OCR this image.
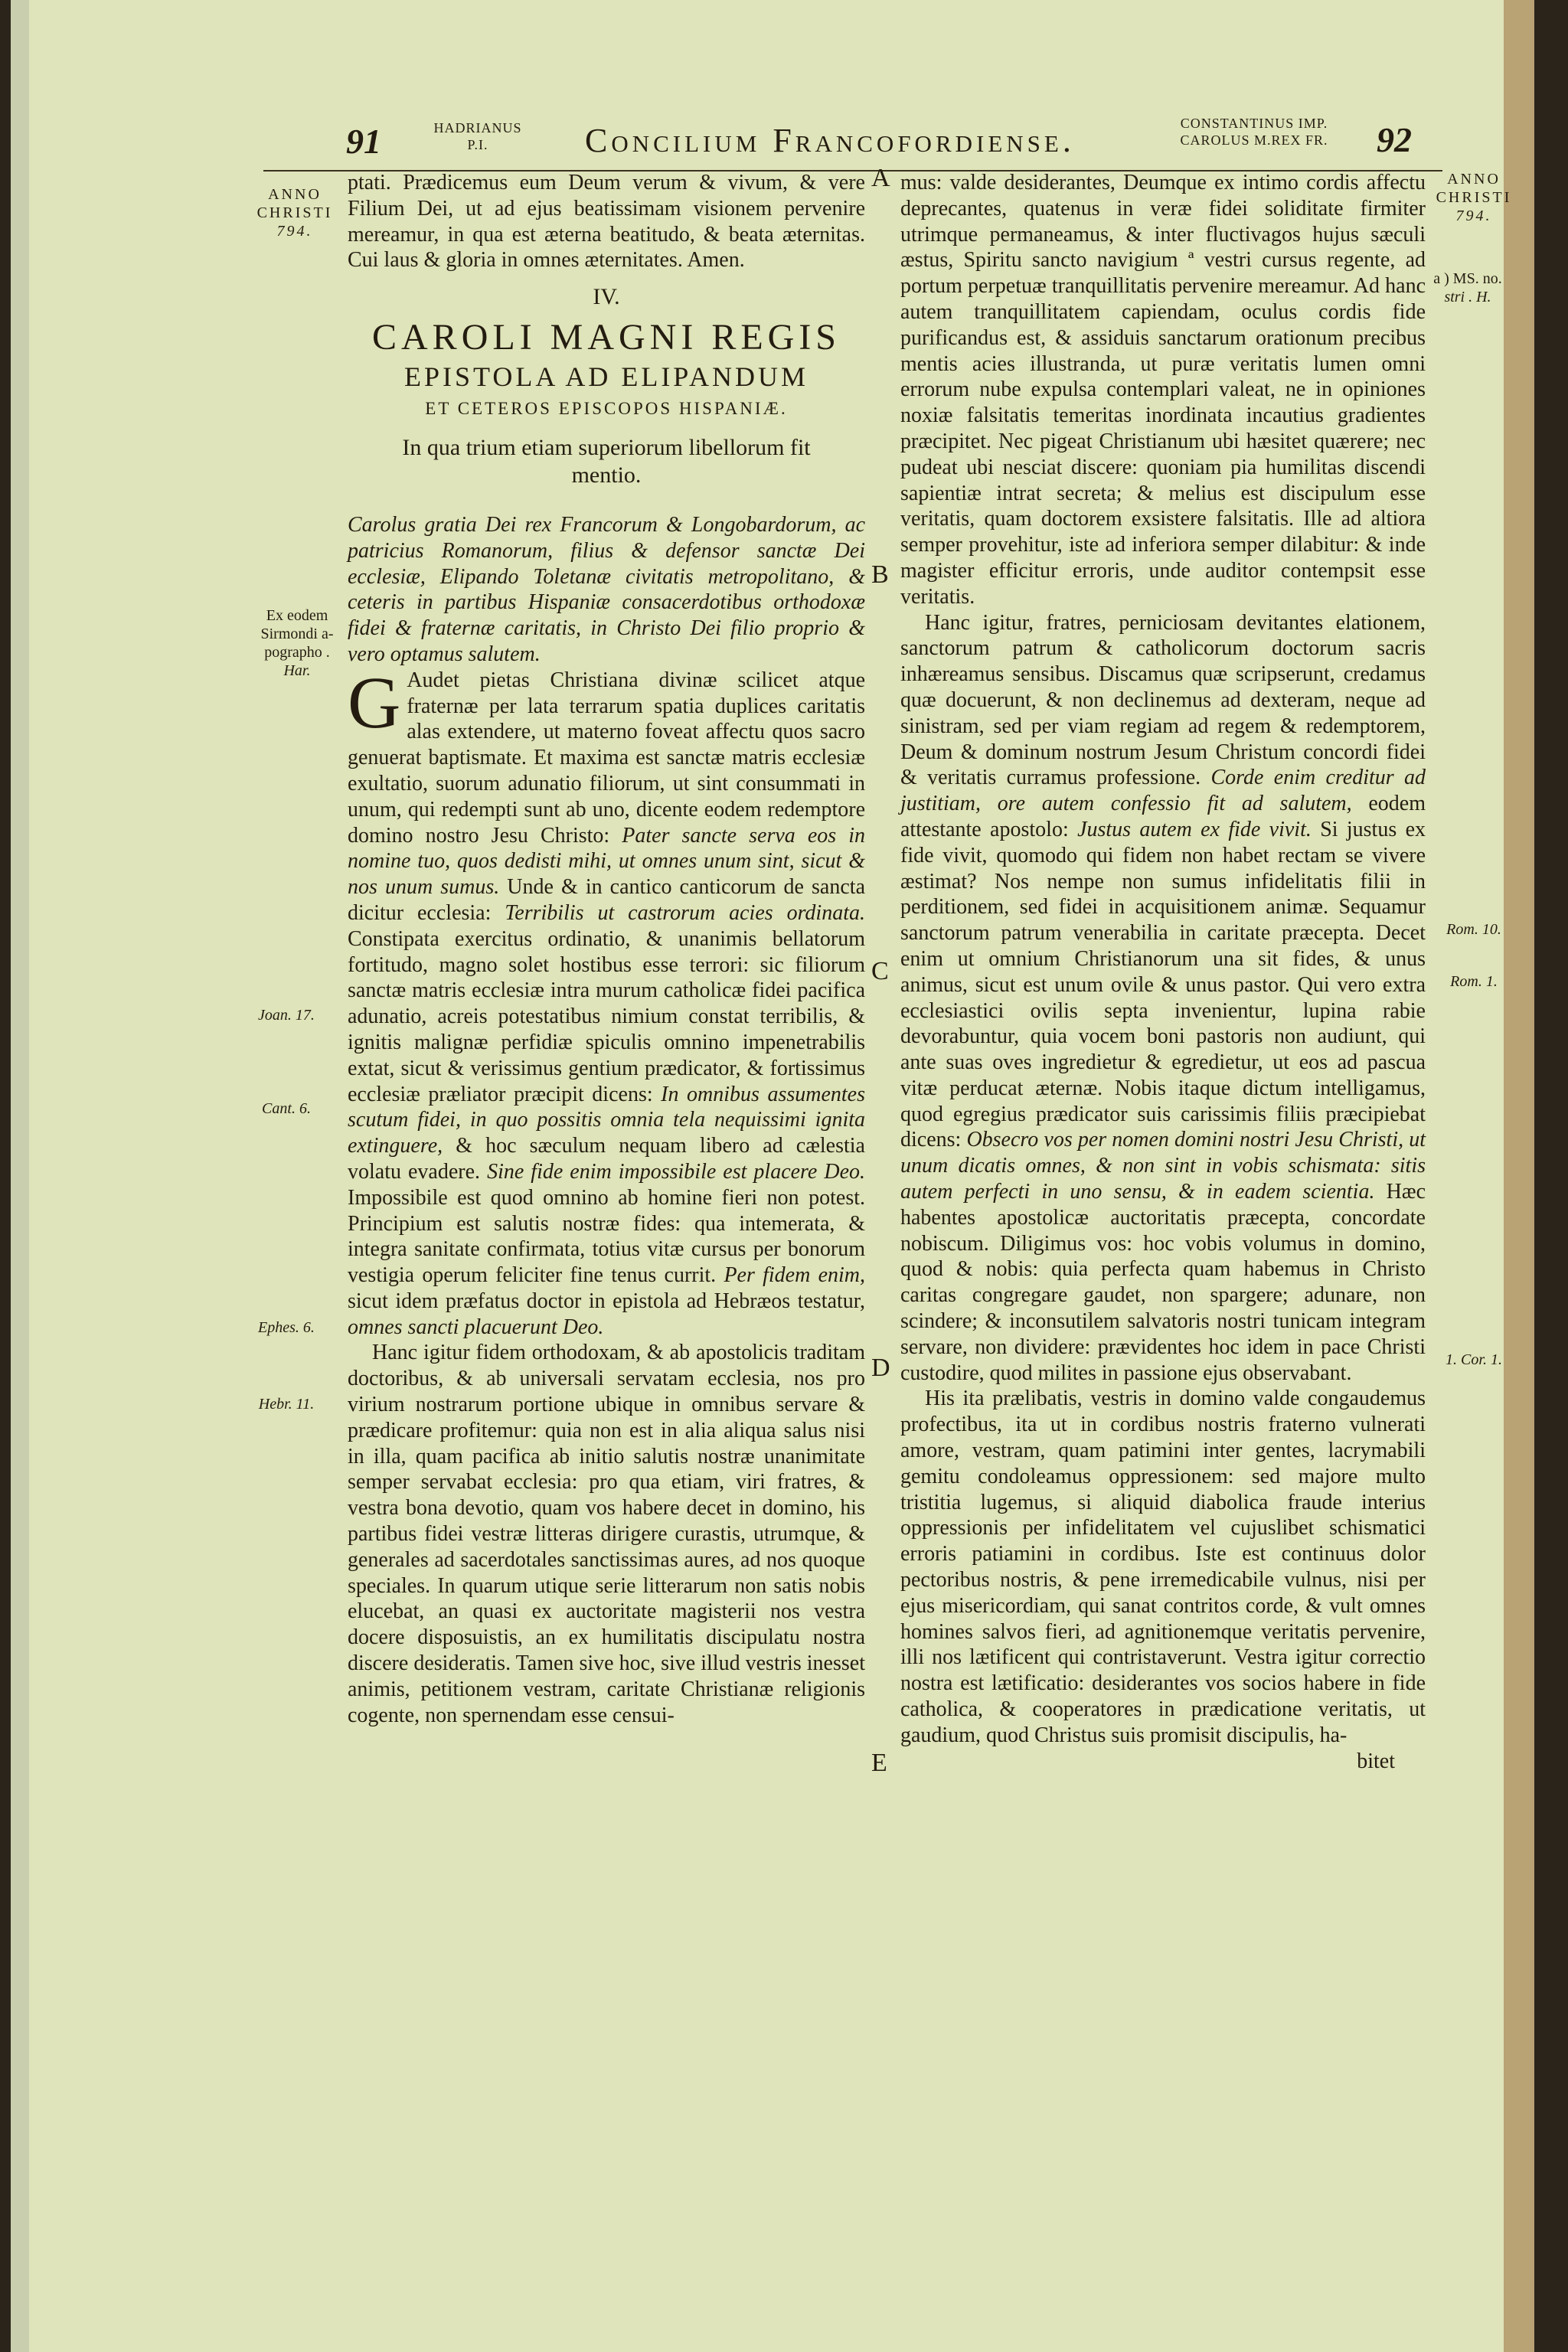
91	HADRIANUS
P.I.	Concilium Francofordiense.	CONSTANTINUS IMP.
CAROLUS M.REX FR.	92
ANNO
CHRISTI
794.
Ex eodem
Sirmondi a-
pographo .
Har.
Joan. 17.
Cant. 6.
Ephes. 6.
Hebr. 11.
A
B
C
D
E

ptati. Prædicemus eum Deum verum & vivum, & vere Filium Dei, ut ad ejus beatissimam visionem pervenire mereamur, in qua est æterna beatitudo, & beata æternitas. Cui laus & gloria in omnes æternitates. Amen.

IV.
CAROLI MAGNI REGIS
EPISTOLA AD ELIPANDUM
ET CETEROS EPISCOPOS HISPANIÆ.
In qua trium etiam superiorum libellorum fit mentio.

Carolus gratia Dei rex Francorum & Longobardorum, ac patricius Romanorum, filius & defensor sanctæ Dei ecclesiæ, Elipando Toletanæ civitatis metropolitano, & ceteris in partibus Hispaniæ consacerdotibus orthodoxæ fidei & fraternæ caritatis, in Christo Dei filio proprio & vero optamus salutem.

G Audet pietas Christiana divinæ scilicet atque fraternæ per lata terrarum spatia duplices caritatis alas extendere, ut materno foveat affectu quos sacro genuerat baptismate. Et maxima est sanctæ matris ecclesiæ exultatio, suorum adunatio filiorum, ut sint consummati in unum, qui redempti sunt ab uno, dicente eodem redemptore domino nostro Jesu Christo: Pater sancte serva eos in nomine tuo, quos dedisti mihi, ut omnes unum sint, sicut & nos unum sumus. Unde & in cantico canticorum de sancta dicitur ecclesia: Terribilis ut castrorum acies ordinata. Constipata exercitus ordinatio, & unanimis bellatorum fortitudo, magno solet hostibus esse terrori: sic filiorum sanctæ matris ecclesiæ intra murum catholicæ fidei pacifica adunatio, acreis potestatibus nimium constat terribilis, & ignitis malignæ perfidiæ spiculis omnino impenetrabilis extat, sicut & verissimus gentium prædicator, & fortissimus ecclesiæ præliator præcipit dicens: In omnibus assumentes scutum fidei, in quo possitis omnia tela nequissimi ignita extinguere, & hoc sæculum nequam libero ad cælestia volatu evadere. Sine fide enim impossibile est placere Deo. Impossibile est quod omnino ab homine fieri non potest. Principium est salutis nostræ fides: qua intemerata, & integra sanitate confirmata, totius vitæ cursus per bonorum vestigia operum feliciter fine tenus currit. Per fidem enim, sicut idem præfatus doctor in epistola ad Hebræos testatur, omnes sancti placuerunt Deo.

Hanc igitur fidem orthodoxam, & ab apostolicis traditam doctoribus, & ab universali servatam ecclesia, nos pro virium nostrarum portione ubique in omnibus servare & prædicare profitemur: quia non est in alia aliqua salus nisi in illa, quam pacifica ab initio salutis nostræ unanimitate semper servabat ecclesia: pro qua etiam, viri fratres, & vestra bona devotio, quam vos habere decet in domino, his partibus fidei vestræ litteras dirigere curastis, utrumque, & generales ad sacerdotales sanctissimas aures, ad nos quoque speciales. In quarum utique serie litterarum non satis nobis elucebat, an quasi ex auctoritate magisterii nos vestra docere disposuistis, an ex humilitatis discipulatu nostra discere desideratis. Tamen sive hoc, sive illud vestris inesset animis, petitionem vestram, caritate Christianæ religionis cogente, non spernendam esse censui-

mus: valde desiderantes, Deumque ex intimo cordis affectu deprecantes, quatenus in veræ fidei soliditate firmiter utrimque permaneamus, & inter fluctivagos hujus sæculi æstus, Spiritu sancto navigium ª vestri cursus regente, ad portum perpetuæ tranquillitatis pervenire mereamur. Ad hanc autem tranquillitatem capiendam, oculus cordis fide purificandus est, & assiduis sanctarum orationum precibus mentis acies illustranda, ut puræ veritatis lumen omni errorum nube expulsa contemplari valeat, ne in opiniones noxiæ falsitatis temeritas inordinata incautius gradientes præcipitet. Nec pigeat Christianum ubi hæsitet quærere; nec pudeat ubi nesciat discere: quoniam pia humilitas discendi sapientiæ intrat secreta; & melius est discipulum esse veritatis, quam doctorem exsistere falsitatis. Ille ad altiora semper provehitur, iste ad inferiora semper dilabitur: & inde magister efficitur erroris, unde auditor contempsit esse veritatis.

Hanc igitur, fratres, perniciosam devitantes elationem, sanctorum patrum & catholicorum doctorum sacris inhæreamus sensibus. Discamus quæ scripserunt, credamus quæ docuerunt, & non declinemus ad dexteram, neque ad sinistram, sed per viam regiam ad regem & redemptorem, Deum & dominum nostrum Jesum Christum concordi fidei & veritatis curramus professione. Corde enim creditur ad justitiam, ore autem confessio fit ad salutem, eodem attestante apostolo: Justus autem ex fide vivit. Si justus ex fide vivit, quomodo qui fidem non habet rectam se vivere æstimat? Nos nempe non sumus infidelitatis filii in perditionem, sed fidei in acquisitionem animæ. Sequamur sanctorum patrum venerabilia in caritate præcepta. Decet enim ut omnium Christianorum una sit fides, & unus animus, sicut est unum ovile & unus pastor. Qui vero extra ecclesiastici ovilis septa invenientur, lupina rabie devorabuntur, quia vocem boni pastoris non audiunt, qui ante suas oves ingredietur & egredietur, ut eos ad pascua vitæ perducat æternæ. Nobis itaque dictum intelligamus, quod egregius prædicator suis carissimis filiis præcipiebat dicens: Obsecro vos per nomen domini nostri Jesu Christi, ut unum dicatis omnes, & non sint in vobis schismata: sitis autem perfecti in uno sensu, & in eadem scientia. Hæc habentes apostolicæ auctoritatis præcepta, concordate nobiscum. Diligimus vos: hoc vobis volumus in domino, quod & nobis: quia perfecta quam habemus in Christo caritas congregare gaudet, non spargere; adunare, non scindere; & inconsutilem salvatoris nostri tunicam integram servare, non dividere: prævidentes hoc idem in pace Christi custodire, quod milites in passione ejus observabant.

His ita prælibatis, vestris in domino valde congaudemus profectibus, ita ut in cordibus nostris fraterno vulnerati amore, vestram, quam patimini inter gentes, lacrymabili gemitu condoleamus oppressionem: sed majore multo tristitia lugemus, si aliquid diabolica fraude interius oppressionis per infidelitatem vel cujuslibet schismatici erroris patiamini in cordibus. Iste est continuus dolor pectoribus nostris, & pene irremedicabile vulnus, nisi per ejus misericordiam, qui sanat contritos corde, & vult omnes homines salvos fieri, ad agnitionemque veritatis pervenire, illi nos lætificent qui contristaverunt. Vestra igitur correctio nostra est lætificatio: desiderantes vos socios habere in fide catholica, & cooperatores in prædicatione veritatis, ut gaudium, quod Christus suis promisit discipulis, ha-

bitet

ANNO
CHRISTI
794.
a ) MS. no.
stri . H.
Rom. 10.
Rom. 1.
1. Cor. 1.
